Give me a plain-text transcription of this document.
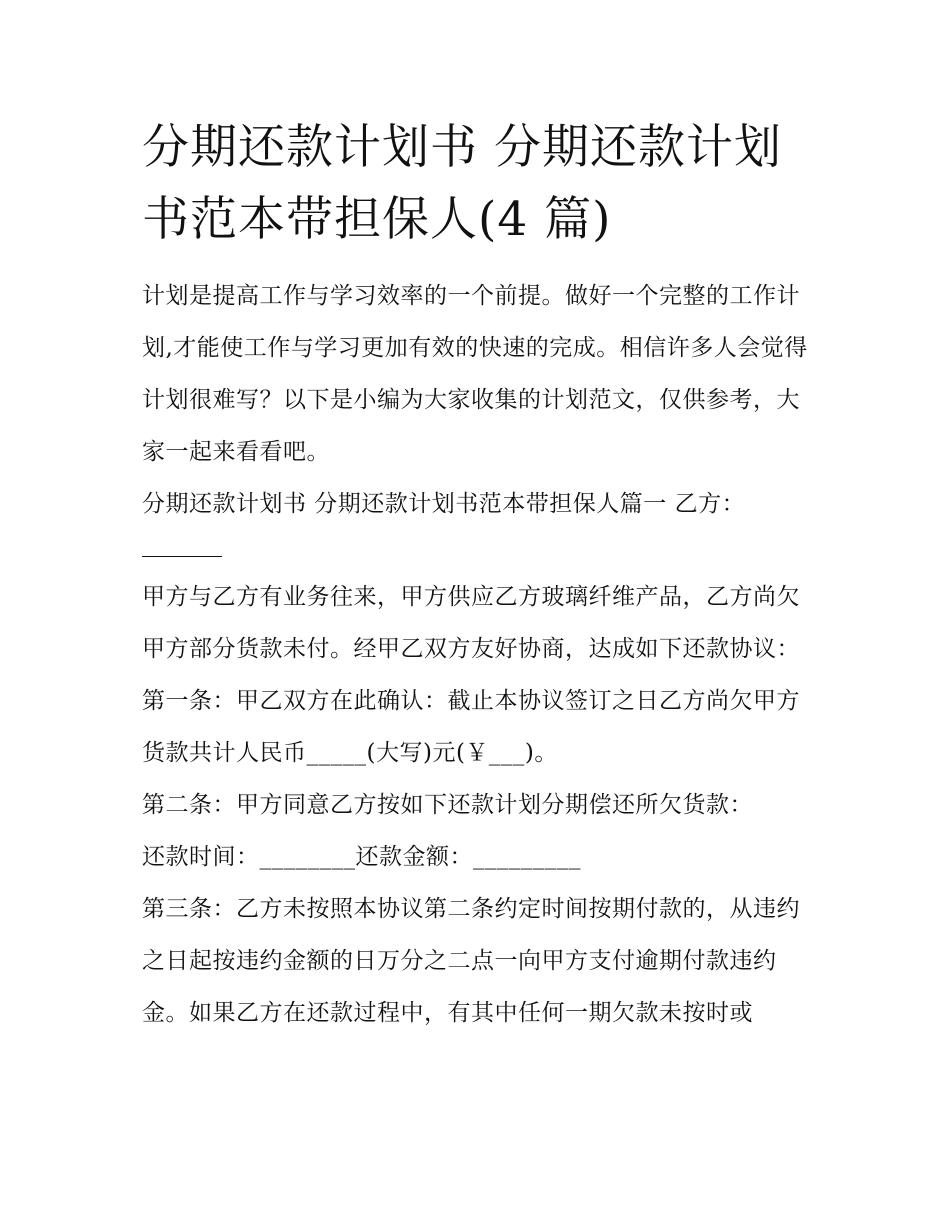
分期还款计划书 分期还款计划书范本带担保人(4 篇)

计划是提高工作与学习效率的一个前提。做好一个完整的工作计划,才能使工作与学习更加有效的快速的完成。相信许多人会觉得计划很难写？以下是小编为大家收集的计划范文，仅供参考，大家一起来看看吧。

分期还款计划书 分期还款计划书范本带担保人篇一 乙方：

甲方与乙方有业务往来，甲方供应乙方玻璃纤维产品，乙方尚欠甲方部分货款未付。经甲乙双方友好协商，达成如下还款协议：

第一条：甲乙双方在此确认：截止本协议签订之日乙方尚欠甲方货款共计人民币_____(大写)元(￥___)。

第二条：甲方同意乙方按如下还款计划分期偿还所欠货款：

还款时间：________还款金额：_________

第三条：乙方未按照本协议第二条约定时间按期付款的，从违约之日起按违约金额的日万分之二点一向甲方支付逾期付款违约金。如果乙方在还款过程中，有其中任何一期欠款未按时或
